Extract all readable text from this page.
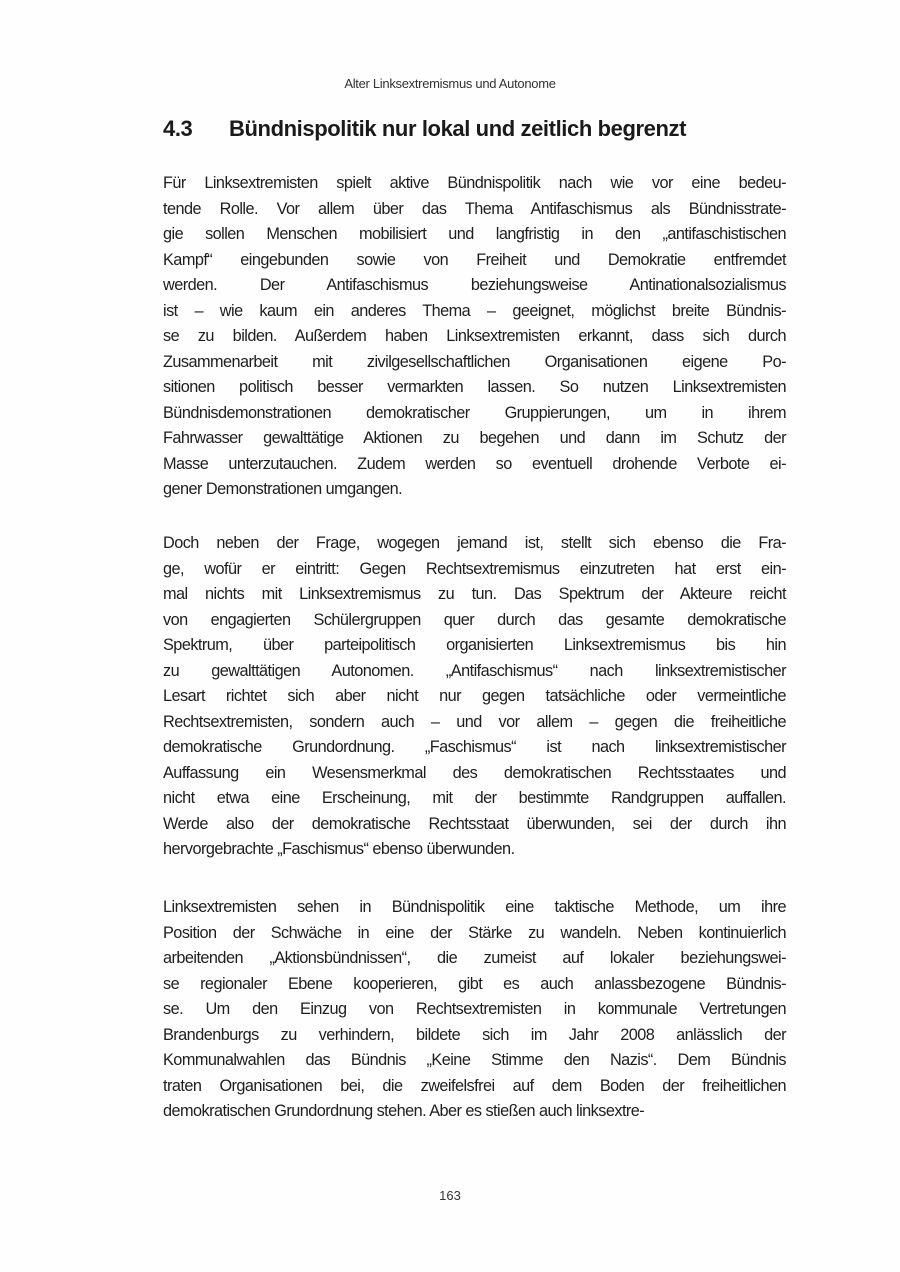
Alter Linksextremismus und Autonome
4.3 Bündnispolitik nur lokal und zeitlich begrenzt
Für Linksextremisten spielt aktive Bündnispolitik nach wie vor eine bedeu-
tende Rolle. Vor allem über das Thema Antifaschismus als Bündnisstrate-
gie sollen Menschen mobilisiert und langfristig in den „antifaschistischen
Kampf“ eingebunden sowie von Freiheit und Demokratie entfremdet
werden. Der Antifaschismus beziehungsweise Antinationalsozialismus
ist – wie kaum ein anderes Thema – geeignet, möglichst breite Bündnis-
se zu bilden. Außerdem haben Linksextremisten erkannt, dass sich durch
Zusammenarbeit mit zivilgesellschaftlichen Organisationen eigene Po-
sitionen politisch besser vermarkten lassen. So nutzen Linksextremisten
Bündnisdemonstrationen demokratischer Gruppierungen, um in ihrem
Fahrwasser gewalttätige Aktionen zu begehen und dann im Schutz der
Masse unterzutauchen. Zudem werden so eventuell drohende Verbote ei-
gener Demonstrationen umgangen.
Doch neben der Frage, wogegen jemand ist, stellt sich ebenso die Fra-
ge, wofür er eintritt: Gegen Rechtsextremismus einzutreten hat erst ein-
mal nichts mit Linksextremismus zu tun. Das Spektrum der Akteure reicht
von engagierten Schülergruppen quer durch das gesamte demokratische
Spektrum, über parteipolitisch organisierten Linksextremismus bis hin
zu gewalttätigen Autonomen. „Antifaschismus“ nach linksextremistischer
Lesart richtet sich aber nicht nur gegen tatsächliche oder vermeintliche
Rechtsextremisten, sondern auch – und vor allem – gegen die freiheitliche
demokratische Grundordnung. „Faschismus“ ist nach linksextremistischer
Auffassung ein Wesensmerkmal des demokratischen Rechtsstaates und
nicht etwa eine Erscheinung, mit der bestimmte Randgruppen auffallen.
Werde also der demokratische Rechtsstaat überwunden, sei der durch ihn
hervorgebrachte „Faschismus“ ebenso überwunden.
Linksextremisten sehen in Bündnispolitik eine taktische Methode, um ihre
Position der Schwäche in eine der Stärke zu wandeln. Neben kontinuierlich
arbeitenden „Aktionsbündnissen“, die zumeist auf lokaler beziehungswei-
se regionaler Ebene kooperieren, gibt es auch anlassbezogene Bündnis-
se. Um den Einzug von Rechtsextremisten in kommunale Vertretungen
Brandenburgs zu verhindern, bildete sich im Jahr 2008 anlässlich der
Kommunalwahlen das Bündnis „Keine Stimme den Nazis“. Dem Bündnis
traten Organisationen bei, die zweifelsfrei auf dem Boden der freiheitlichen
demokratischen Grundordnung stehen. Aber es stießen auch linksextre-
163
